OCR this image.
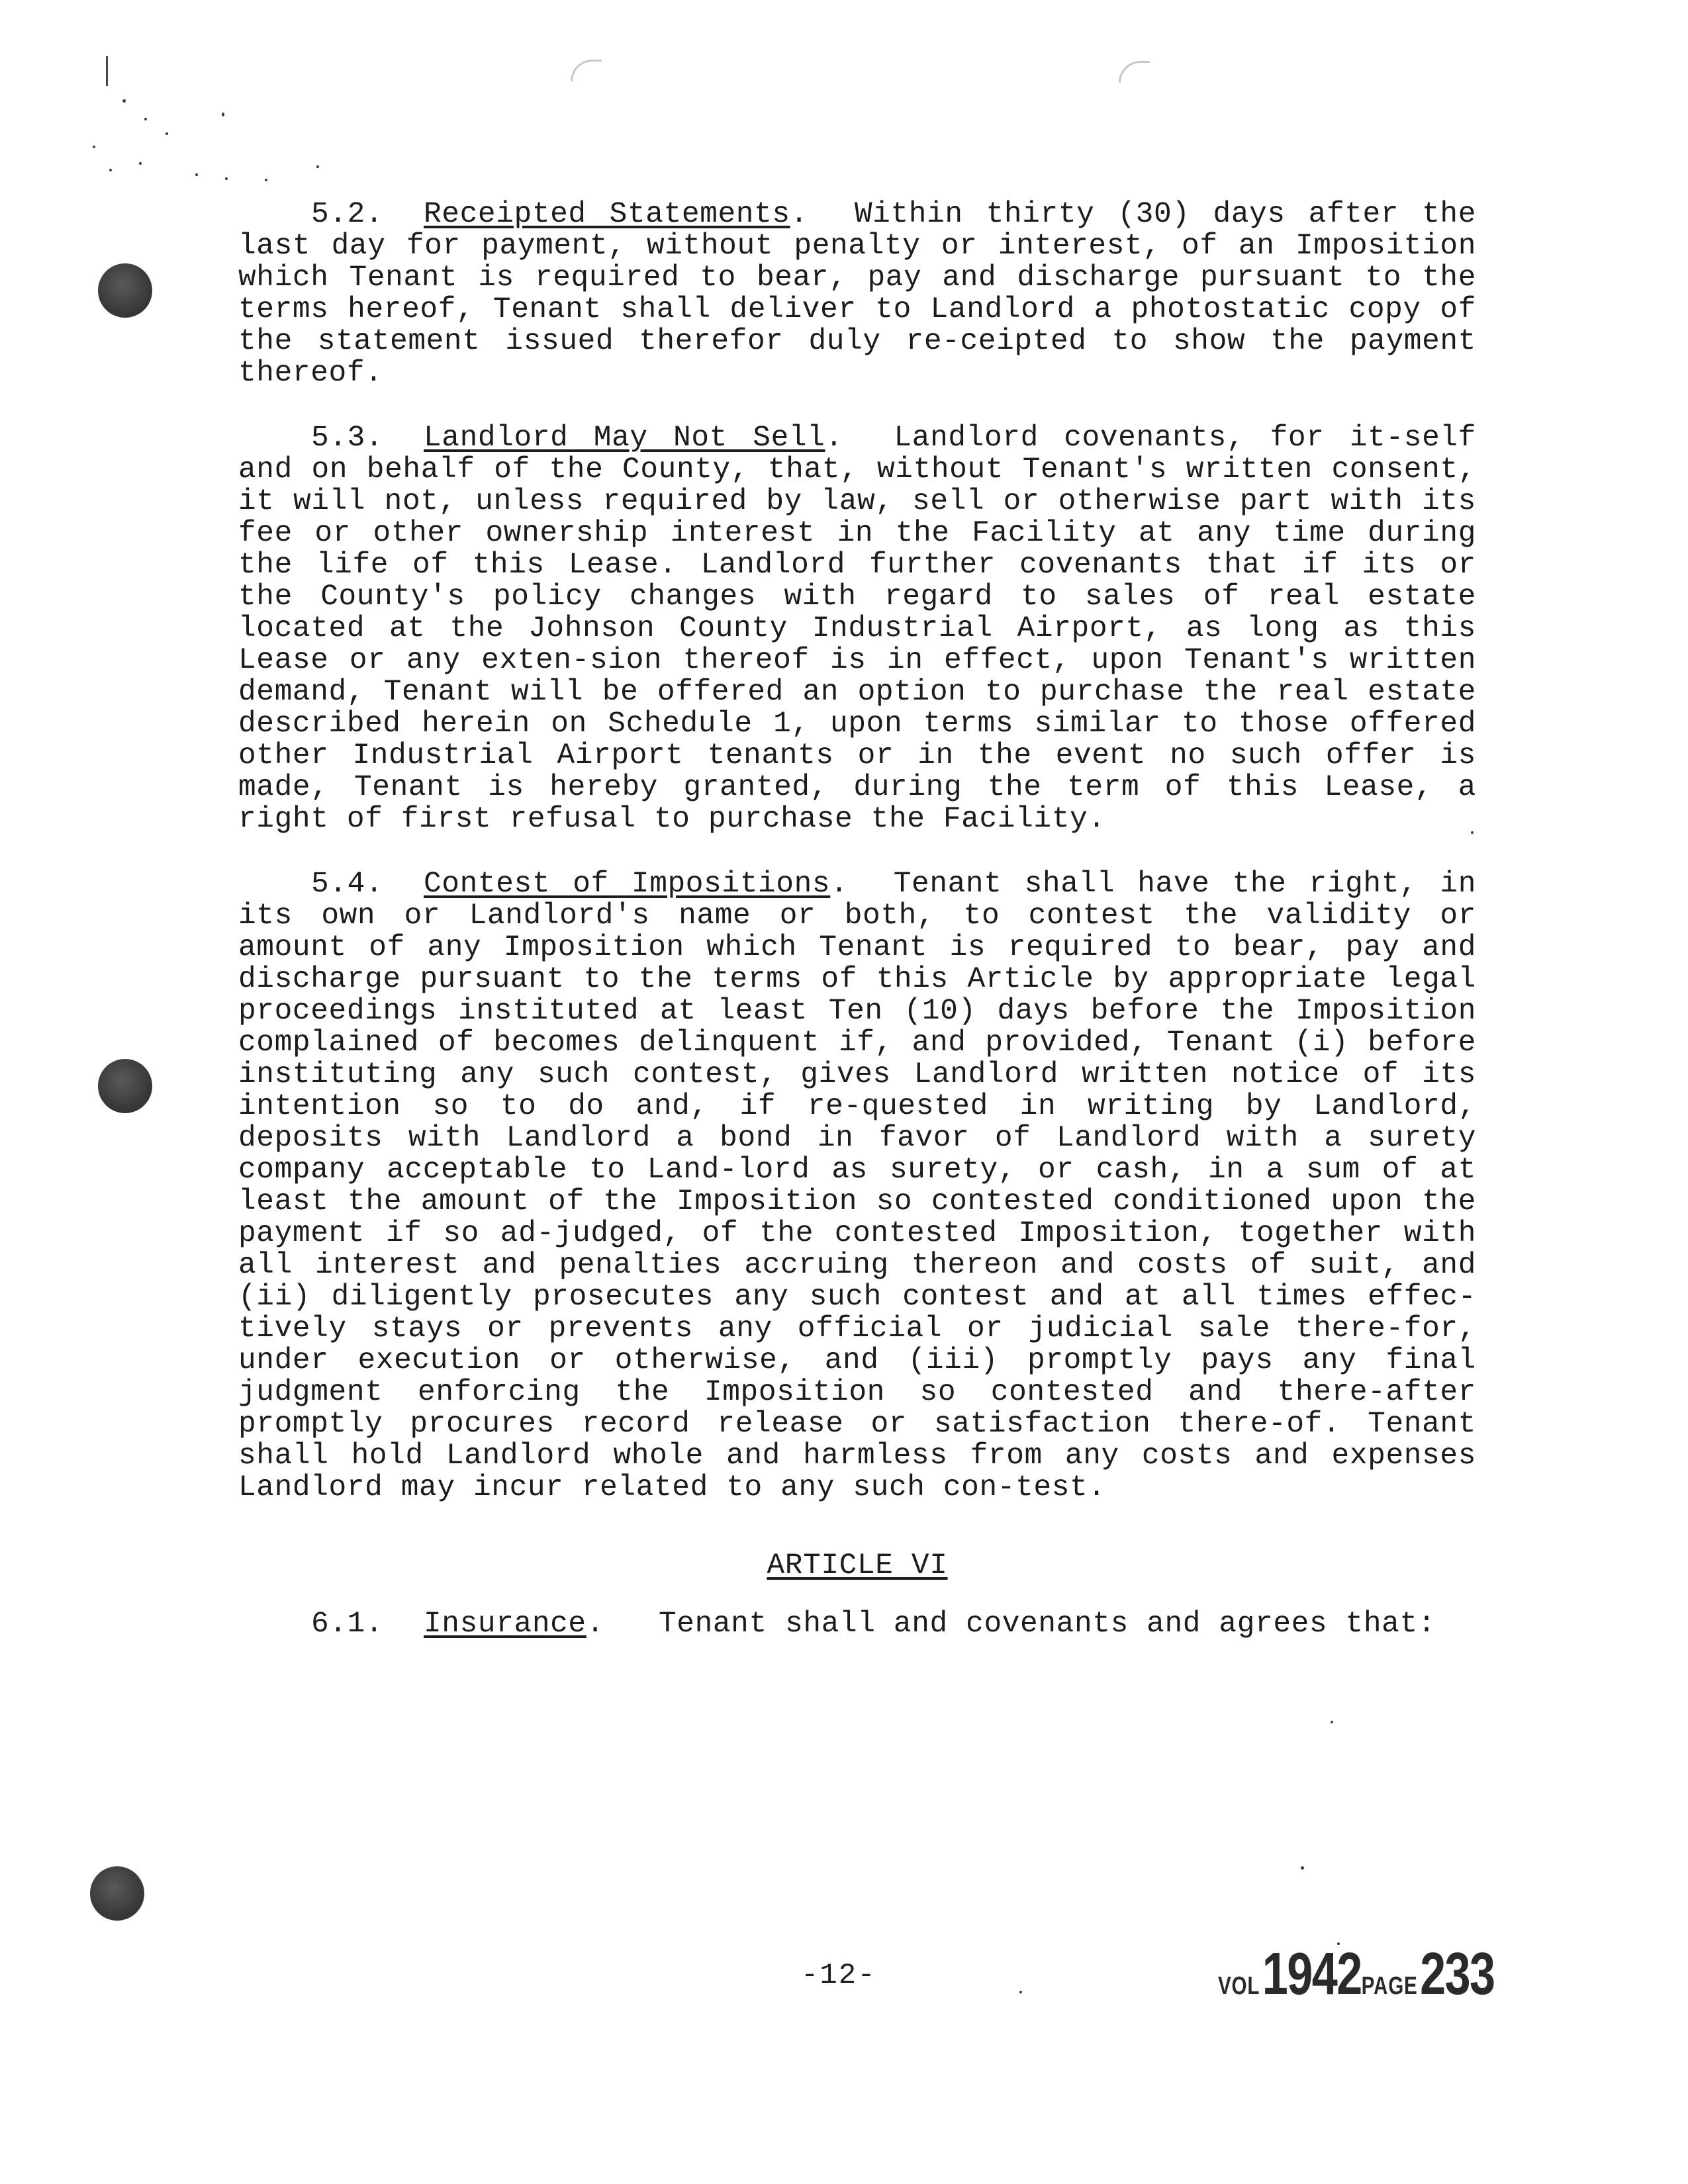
5.2. Receipted Statements.  Within thirty (30) days after the last day for payment, without penalty or interest, of an Imposition which Tenant is required to bear, pay and discharge pursuant to the terms hereof, Tenant shall deliver to Landlord a photostatic copy of the statement issued therefor duly re-ceipted to show the payment thereof.

5.3. Landlord May Not Sell.  Landlord covenants, for it-self and on behalf of the County, that, without Tenant's written consent, it will not, unless required by law, sell or otherwise part with its fee or other ownership interest in the Facility at any time during the life of this Lease. Landlord further covenants that if its or the County's policy changes with regard to sales of real estate located at the Johnson County Industrial Airport, as long as this Lease or any exten-sion thereof is in effect, upon Tenant's written demand, Tenant will be offered an option to purchase the real estate described herein on Schedule 1, upon terms similar to those offered other Industrial Airport tenants or in the event no such offer is made, Tenant is hereby granted, during the term of this Lease, a right of first refusal to purchase the Facility.

5.4. Contest of Impositions.  Tenant shall have the right, in its own or Landlord's name or both, to contest the validity or amount of any Imposition which Tenant is required to bear, pay and discharge pursuant to the terms of this Article by appropriate legal proceedings instituted at least Ten (10) days before the Imposition complained of becomes delinquent if, and provided, Tenant (i) before instituting any such contest, gives Landlord written notice of its intention so to do and, if re-quested in writing by Landlord, deposits with Landlord a bond in favor of Landlord with a surety company acceptable to Land-lord as surety, or cash, in a sum of at least the amount of the Imposition so contested conditioned upon the payment if so ad-judged, of the contested Imposition, together with all interest and penalties accruing thereon and costs of suit, and (ii) diligently prosecutes any such contest and at all times effec-tively stays or prevents any official or judicial sale there-for, under execution or otherwise, and (iii) promptly pays any final judgment enforcing the Imposition so contested and there-after promptly procures record release or satisfaction there-of. Tenant shall hold Landlord whole and harmless from any costs and expenses Landlord may incur related to any such con-test.

ARTICLE VI

6.1. Insurance.   Tenant shall and covenants and agrees that:

-12-	VOL 1942PAGE 233
